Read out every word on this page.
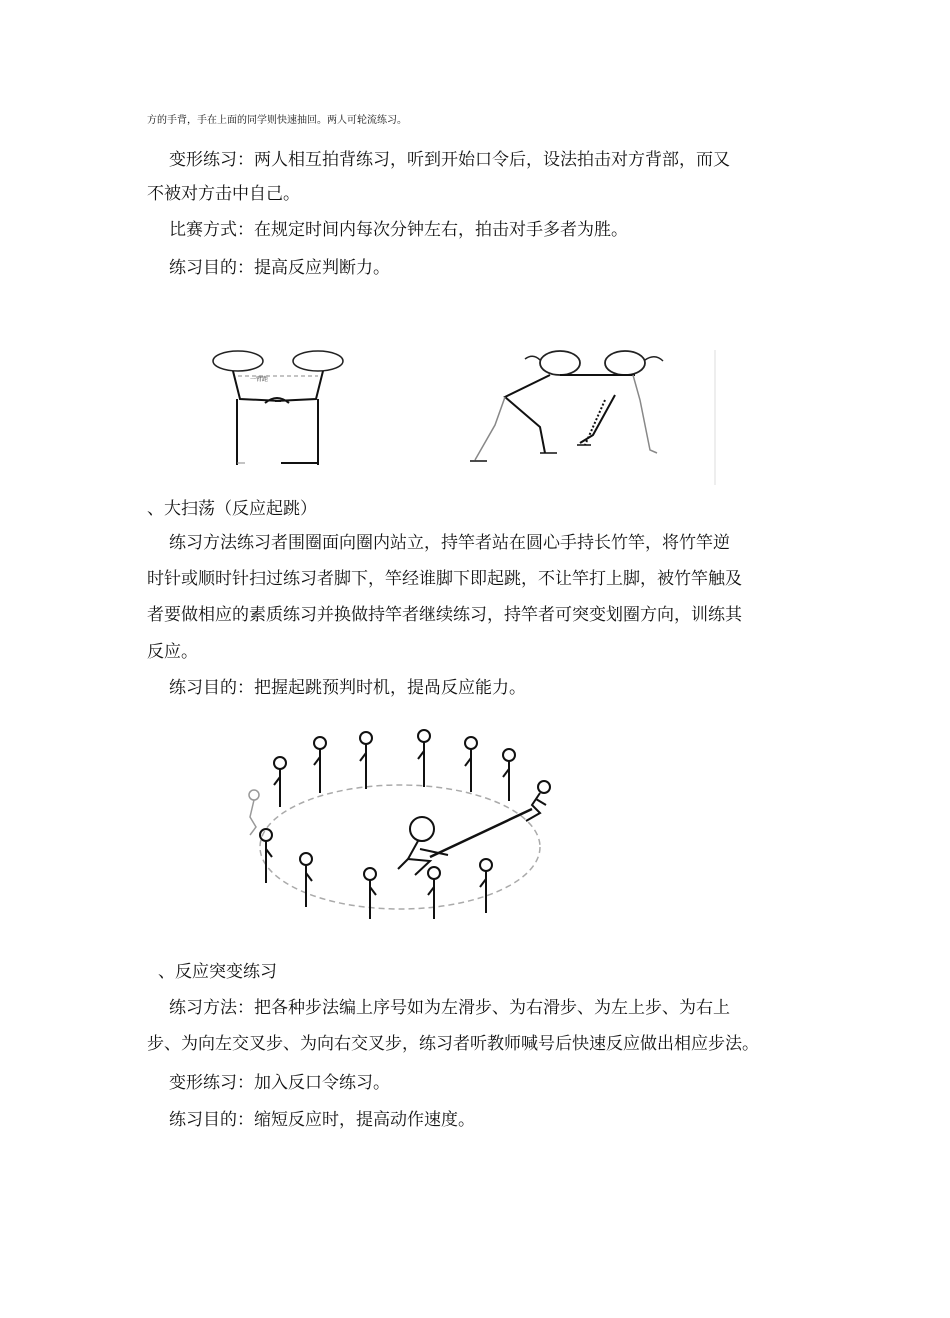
方的手背，手在上面的同学则快速抽回。两人可轮流练习。
变形练习：两人相互拍背练习，听到开始口令后，设法拍击对方背部，而又
不被对方击中自己。
比赛方式：在规定时间内每次分钟左右，拍击对手多者为胜。
练习目的：提高反应判断力。
一臂距
、大扫荡（反应起跳）
练习方法练习者围圈面向圈内站立，持竿者站在圆心手持长竹竿，将竹竿逆
时针或顺时针扫过练习者脚下，竿经谁脚下即起跳，不让竿打上脚，被竹竿触及
者要做相应的素质练习并换做持竿者继续练习，持竿者可突变划圈方向，训练其
反应。
练习目的：把握起跳预判时机，提咼反应能力。
、反应突变练习
练习方法：把各种步法编上序号如为左滑步、为右滑步、为左上步、为右上
步、为向左交叉步、为向右交叉步，练习者听教师喊号后快速反应做出相应步法。
变形练习：加入反口令练习。
练习目的：缩短反应时，提高动作速度。
